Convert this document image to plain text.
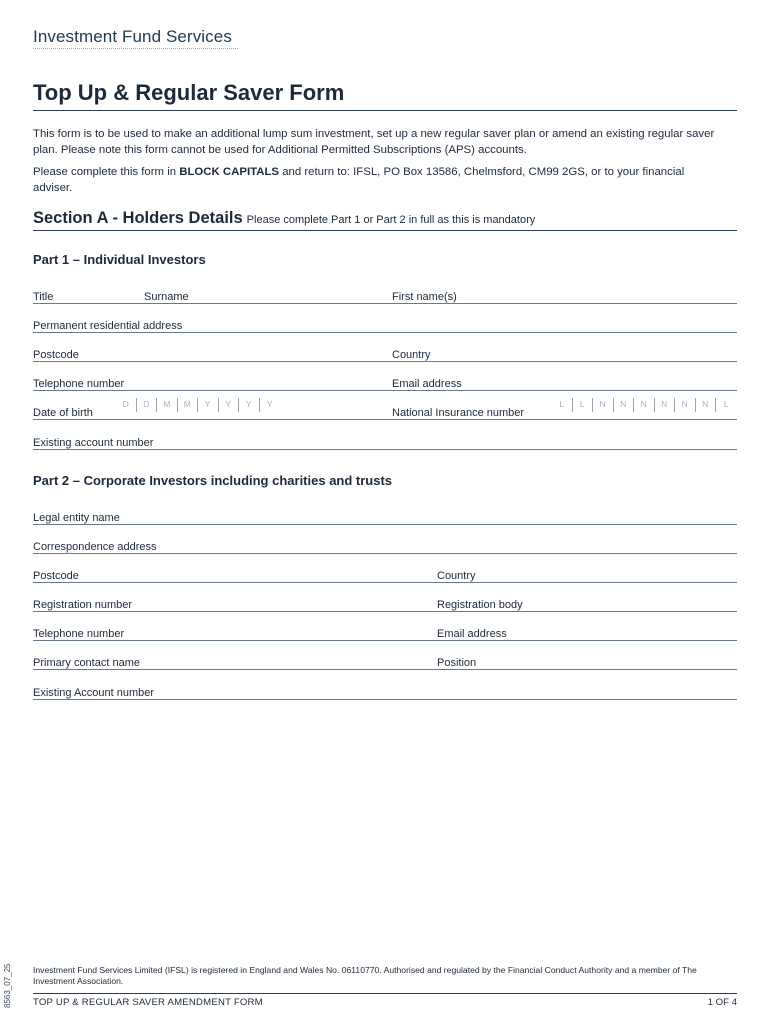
Investment Fund Services
Top Up & Regular Saver Form
This form is to be used to make an additional lump sum investment, set up a new regular saver plan or amend an existing regular saver plan. Please note this form cannot be used for Additional Permitted Subscriptions (APS) accounts.
Please complete this form in BLOCK CAPITALS and return to: IFSL, PO Box 13586, Chelmsford, CM99 2GS, or to your financial adviser.
Section A - Holders Details Please complete Part 1 or Part 2 in full as this is mandatory
Part 1 – Individual Investors
Title	Surname	First name(s)
Permanent residential address
Postcode	Country
Telephone number	Email address
Date of birth
D	D	M	M	Y	Y	Y	Y
National Insurance number
L	L	N	N	N	N	N	N	L
Existing account number
Part 2 – Corporate Investors including charities and trusts
Legal entity name
Correspondence address
Postcode	Country
Registration number	Registration body
Telephone number	Email address
Primary contact name	Position
Existing Account number
8563_07_25 Investment Fund Services Limited (IFSL) is registered in England and Wales No. 06110770. Authorised and regulated by the Financial Conduct Authority and a member of The Investment Association.
TOP UP & REGULAR SAVER AMENDMENT FORM	1 OF 4
